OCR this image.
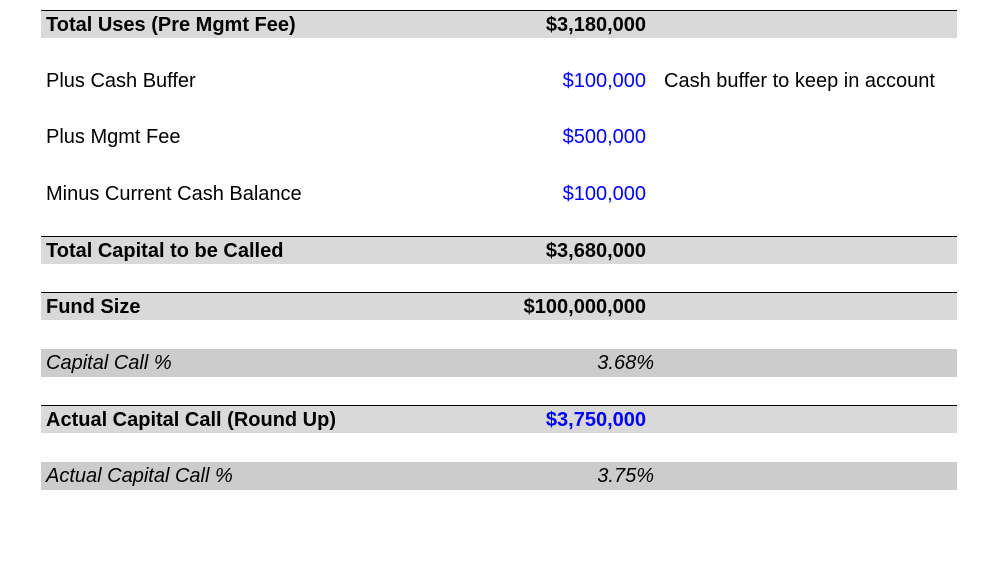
Total Uses (Pre Mgmt Fee)	$3,180,000
Plus Cash Buffer	$100,000 Cash buffer to keep in account
Plus Mgmt Fee	$500,000
Minus Current Cash Balance	$100,000
Total Capital to be Called	$3,680,000
Fund Size	$100,000,000
Capital Call %	3.68%
Actual Capital Call (Round Up)	$3,750,000
Actual Capital Call %	3.75%
